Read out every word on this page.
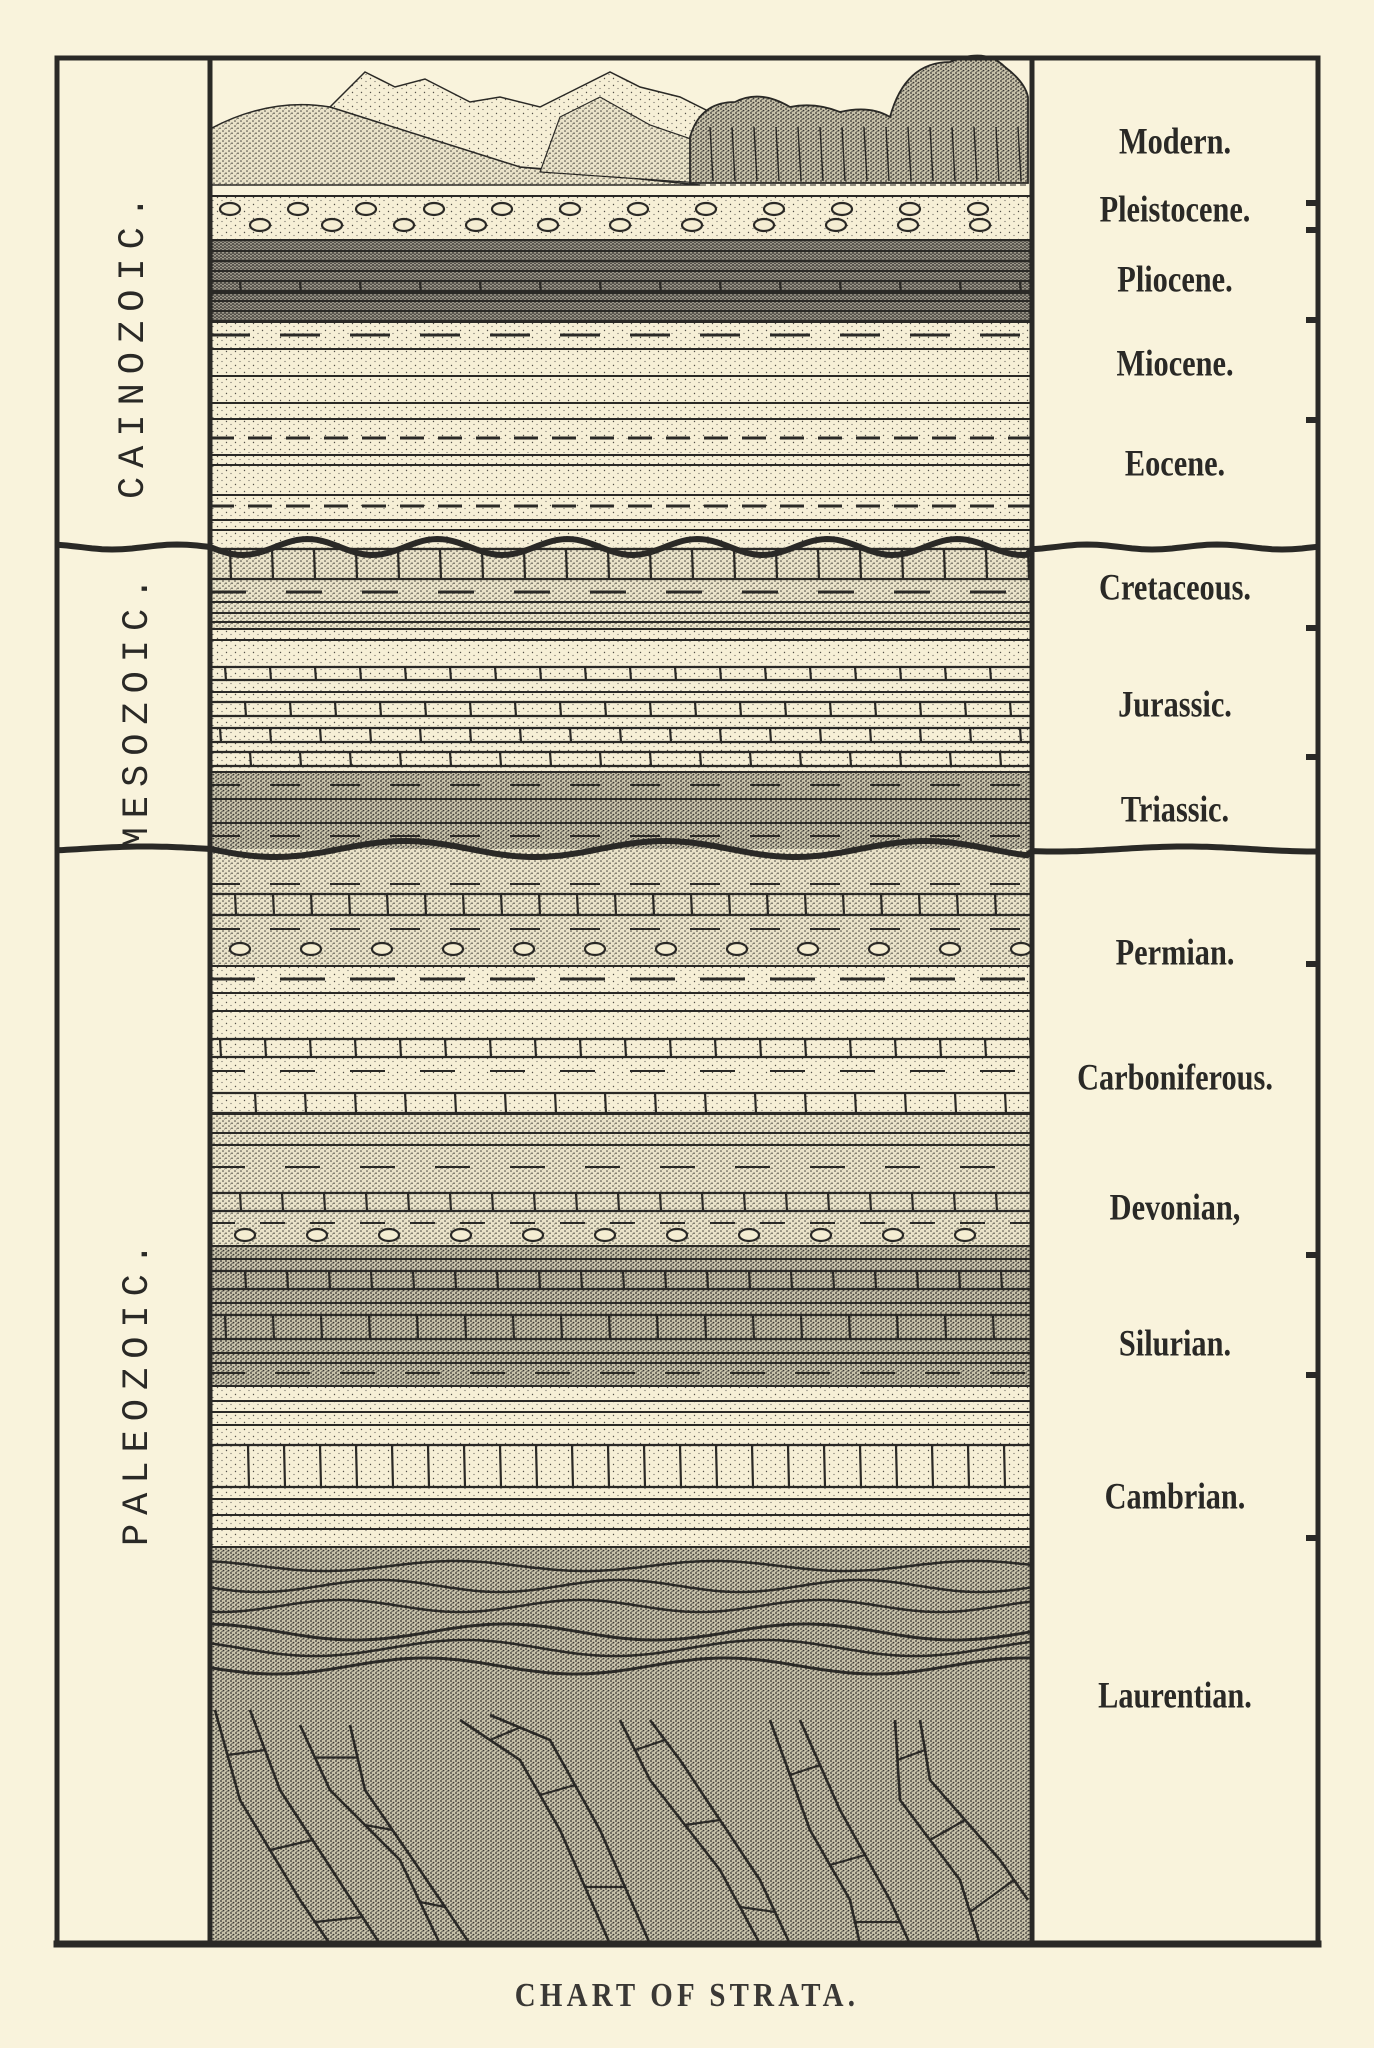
CAINOZOIC.
MESOZOIC.
PALEOZOIC.
Modern.
Pleistocene.
Pliocene.
Miocene.
Eocene.
Cretaceous.
Jurassic.
Triassic.
Permian.
Carboniferous.
Devonian,
Silurian.
Cambrian.
Laurentian.
CHART OF STRATA.
